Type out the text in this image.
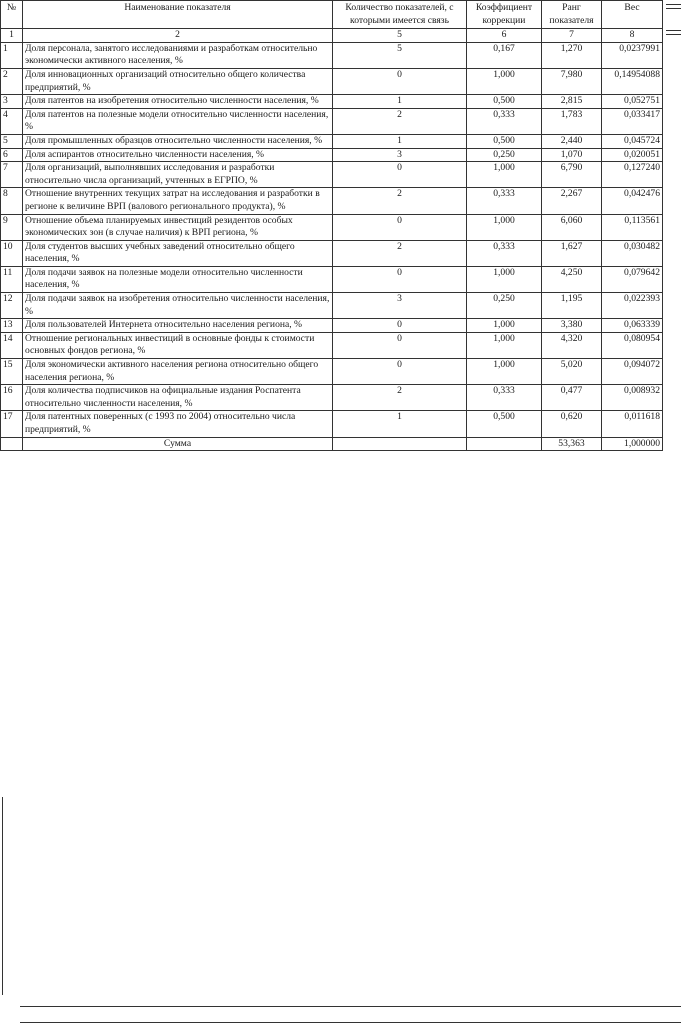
№	Наименование показателя	Количество показателей, с которыми имеется связь	Коэффициент коррекции	Ранг показателя	Вес
1	2	5	6	7	8
1	Доля персонала, занятого исследованиями и разработкам относительно экономически активного населения, %	5	0,167	1,270	0,0237991
2	Доля инновационных организаций относительно общего количества предприятий, %	0	1,000	7,980	0,14954088
3	Доля патентов на изобретения относительно численности населения, %	1	0,500	2,815	0,052751
4	Доля патентов на полезные модели относительно численности населения, %	2	0,333	1,783	0,033417
5	Доля промышленных образцов относительно численности населения, %	1	0,500	2,440	0,045724
6	Доля аспирантов относительно численности населения, %	3	0,250	1,070	0,020051
7	Доля организаций, выполнявших исследования и разработки относительно числа организаций, учтенных в ЕГРПО, %	0	1,000	6,790	0,127240
8	Отношение внутренних текущих затрат на исследования и разработки в регионе к величине ВРП (валового регионального продукта), %	2	0,333	2,267	0,042476
9	Отношение объема планируемых инвестиций резидентов особых экономических зон (в случае наличия) к ВРП региона, %	0	1,000	6,060	0,113561
10	Доля студентов высших учебных заведений относительно общего населения, %	2	0,333	1,627	0,030482
11	Доля подачи заявок на полезные модели относительно численности населения, %	0	1,000	4,250	0,079642
12	Доля подачи заявок на изобретения относительно численности населения, %	3	0,250	1,195	0,022393
13	Доля пользователей Интернета относительно населения региона, %	0	1,000	3,380	0,063339
14	Отношение региональных инвестиций в основные фонды к стоимости основных фондов региона, %	0	1,000	4,320	0,080954
15	Доля экономически активного населения региона относительно общего населения региона, %	0	1,000	5,020	0,094072
16	Доля количества подписчиков на официальные издания Роспатента относительно численности населения, %	2	0,333	0,477	0,008932
17	Доля патентных поверенных (с 1993 по 2004) относительно числа предприятий, %	1	0,500	0,620	0,011618
	Сумма			53,363	1,000000
